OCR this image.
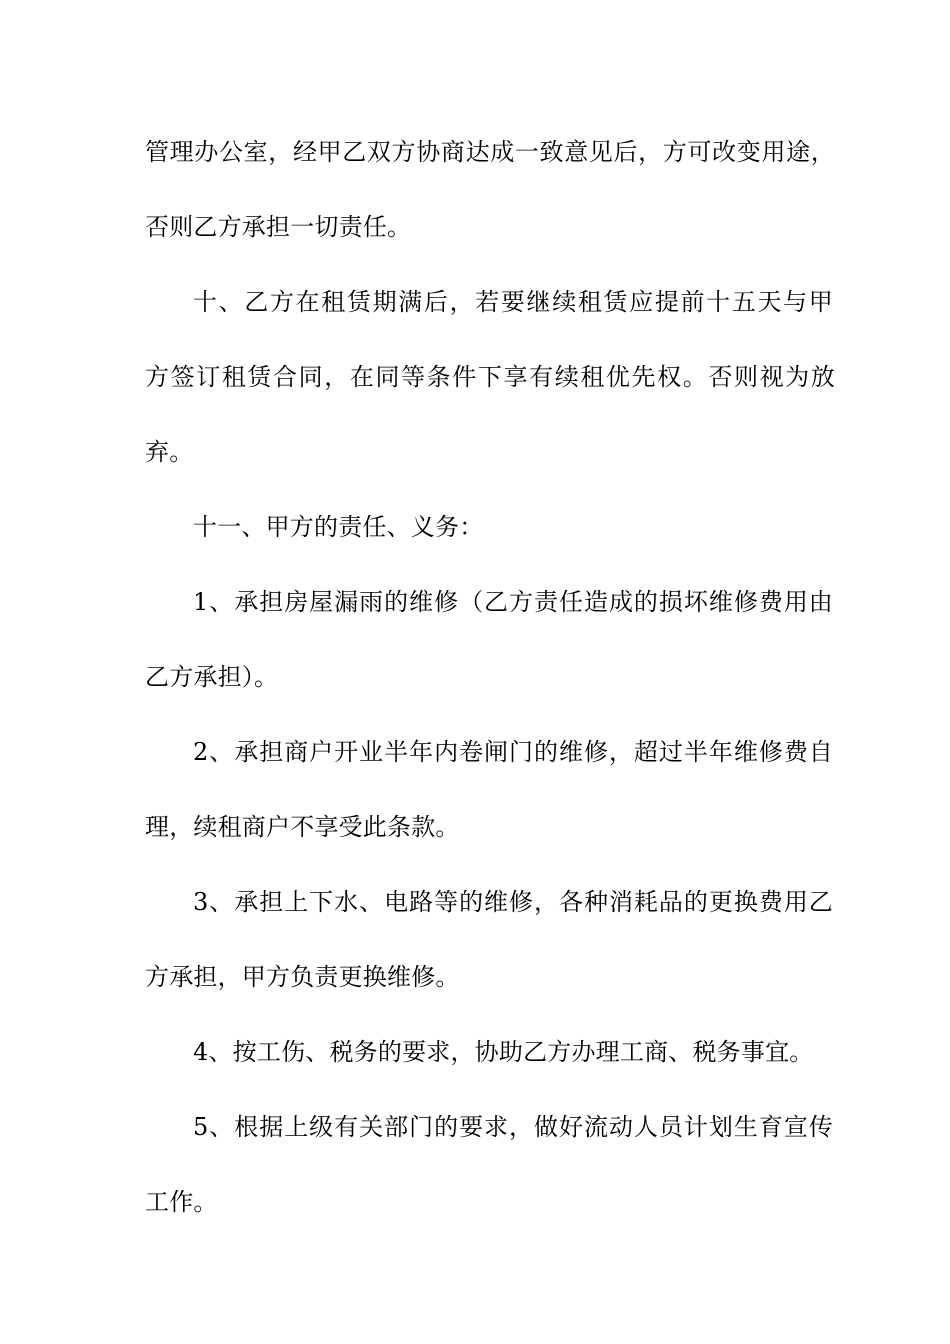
管理办公室，经甲乙双方协商达成一致意见后，方可改变用途，
否则乙方承担一切责任。
十、乙方在租赁期满后，若要继续租赁应提前十五天与甲
方签订租赁合同，在同等条件下享有续租优先权。否则视为放
弃。
十一、甲方的责任、义务：
1、承担房屋漏雨的维修（乙方责任造成的损坏维修费用由
乙方承担）。
2、承担商户开业半年内卷闸门的维修，超过半年维修费自
理，续租商户不享受此条款。
3、承担上下水、电路等的维修，各种消耗品的更换费用乙
方承担，甲方负责更换维修。
4、按工伤、税务的要求，协助乙方办理工商、税务事宜。
5、根据上级有关部门的要求，做好流动人员计划生育宣传
工作。
